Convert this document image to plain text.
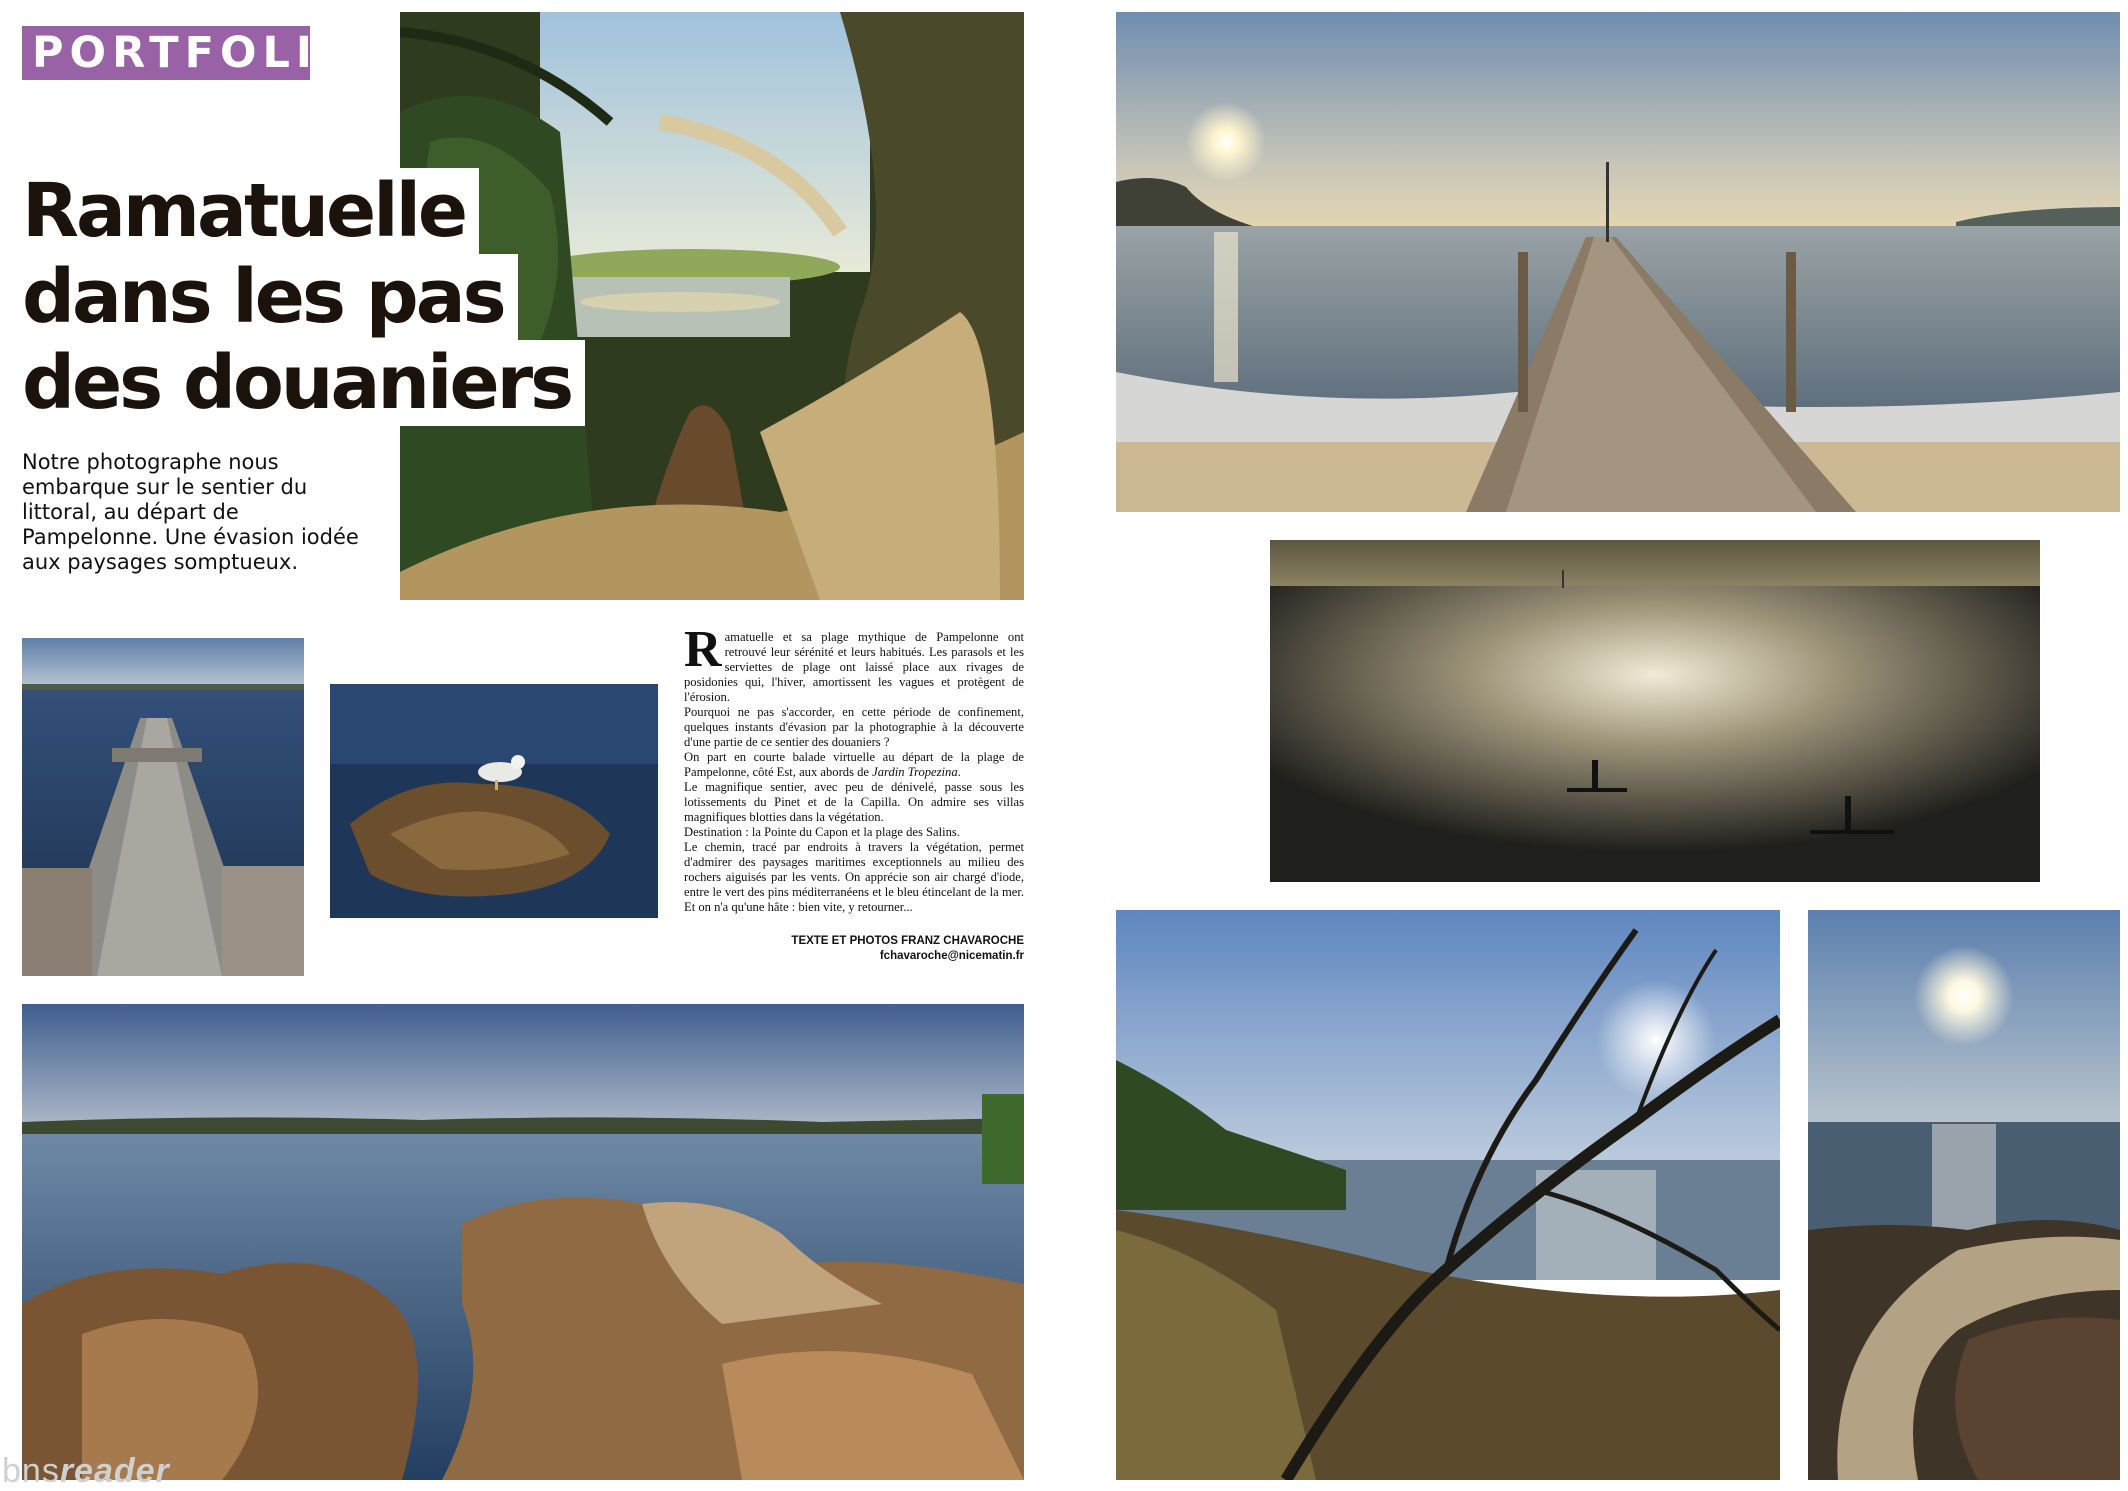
PORTFOLIO
Ramatuelle
dans les pas
des douaniers
Notre photographe nous
embarque sur le sentier du
littoral, au départ de
Pampelonne. Une évasion iodée
aux paysages somptueux.

Ramatuelle et sa plage mythique de Pampelonne ont retrouvé leur sérénité et leurs habitués. Les parasols et les serviettes de plage ont laissé place aux rivages de posidonies qui, l'hiver, amortissent les vagues et protègent de l'érosion.

Pourquoi ne pas s'accorder, en cette période de confinement, quelques instants d'évasion par la photographie à la découverte d'une partie de ce sentier des douaniers ?

On part en courte balade virtuelle au départ de la plage de Pampelonne, côté Est, aux abords de Jardin Tropezina.

Le magnifique sentier, avec peu de dénivelé, passe sous les lotissements du Pinet et de la Capilla. On admire ses villas magnifiques blotties dans la végétation.

Destination : la Pointe du Capon et la plage des Salins.

Le chemin, tracé par endroits à travers la végétation, permet d'admirer des paysages maritimes exceptionnels au milieu des rochers aiguisés par les vents. On apprécie son air chargé d'iode, entre le vert des pins méditerranéens et le bleu étincelant de la mer. Et on n'a qu'une hâte : bien vite, y retourner...

TEXTE ET PHOTOS FRANZ CHAVAROCHE
fchavaroche@nicematin.fr
bnsreader
